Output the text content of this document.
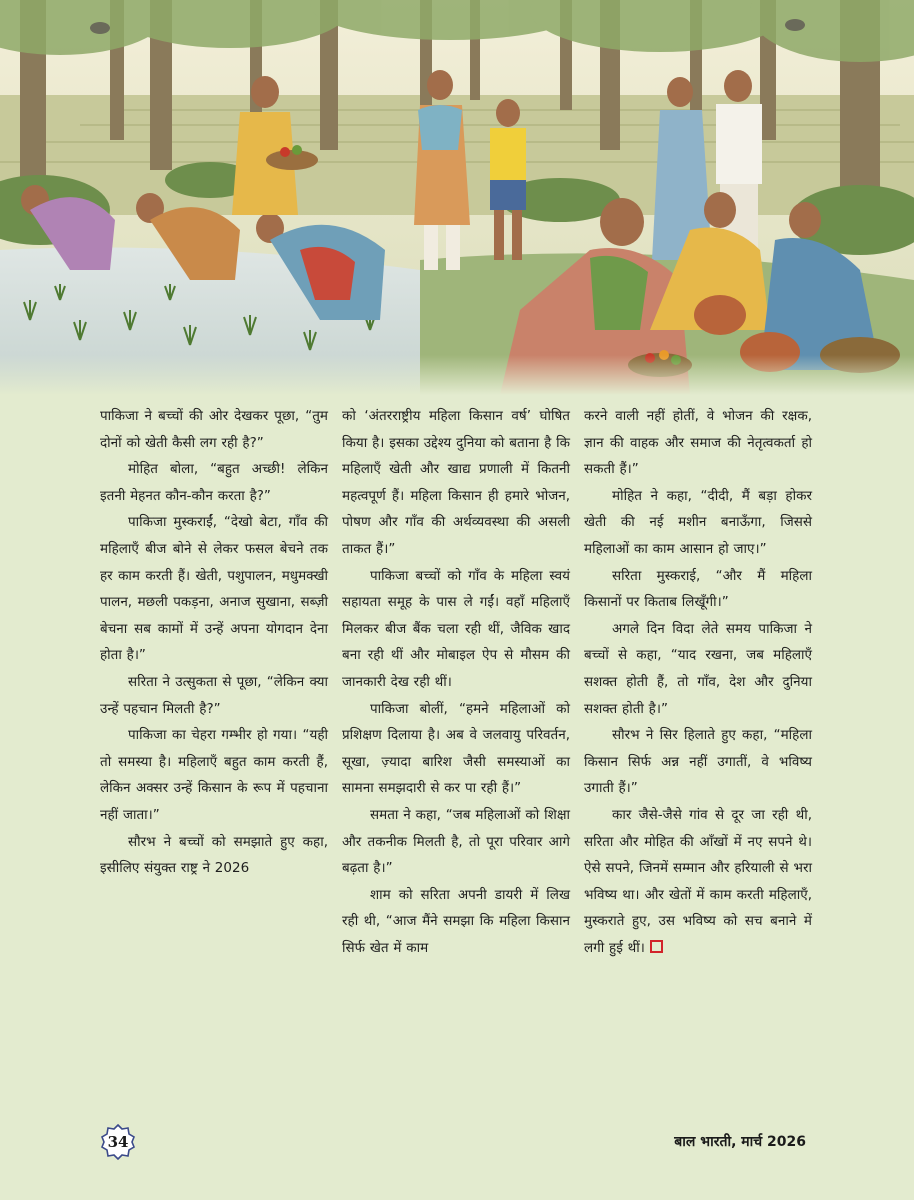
पाकिजा ने बच्चों की ओर देखकर पूछा, “तुम दोनों को खेती कैसी लग रही है?”

मोहित बोला, “बहुत अच्छी! लेकिन इतनी मेहनत कौन-कौन करता है?”

पाकिजा मुस्कराईं, “देखो बेटा, गाँव की महिलाएँ बीज बोने से लेकर फसल बेचने तक हर काम करती हैं। खेती, पशुपालन, मधुमक्खी पालन, मछली पकड़ना, अनाज सुखाना, सब्ज़ी बेचना सब कामों में उन्हें अपना योगदान देना होता है।”

सरिता ने उत्सुकता से पूछा, “लेकिन क्या उन्हें पहचान मिलती है?”

पाकिजा का चेहरा गम्भीर हो गया। “यही तो समस्या है। महिलाएँ बहुत काम करती हैं, लेकिन अक्सर उन्हें किसान के रूप में पहचाना नहीं जाता।”

सौरभ ने बच्चों को समझाते हुए कहा, इसीलिए संयुक्त राष्ट्र ने 2026

को ‘अंतरराष्ट्रीय महिला किसान वर्ष’ घोषित किया है। इसका उद्देश्य दुनिया को बताना है कि महिलाएँ खेती और खाद्य प्रणाली में कितनी महत्वपूर्ण हैं। महिला किसान ही हमारे भोजन, पोषण और गाँव की अर्थव्यवस्था की असली ताकत हैं।”

पाकिजा बच्चों को गाँव के महिला स्वयं सहायता समूह के पास ले गईं। वहाँ महिलाएँ मिलकर बीज बैंक चला रही थीं, जैविक खाद बना रही थीं और मोबाइल ऐप से मौसम की जानकारी देख रही थीं।

पाकिजा बोलीं, “हमने महिलाओं को प्रशिक्षण दिलाया है। अब वे जलवायु परिवर्तन, सूखा, ज़्यादा बारिश जैसी समस्याओं का सामना समझदारी से कर पा रही हैं।”

समता ने कहा, “जब महिलाओं को शिक्षा और तकनीक मिलती है, तो पूरा परिवार आगे बढ़ता है।”

शाम को सरिता अपनी डायरी में लिख रही थी, “आज मैंने समझा कि महिला किसान सिर्फ खेत में काम

करने वाली नहीं होतीं, वे भोजन की रक्षक, ज्ञान की वाहक और समाज की नेतृत्वकर्ता हो सकती हैं।”

मोहित ने कहा, “दीदी, मैं बड़ा होकर खेती की नई मशीन बनाऊँगा, जिससे महिलाओं का काम आसान हो जाए।”

सरिता मुस्कराई, “और मैं महिला किसानों पर किताब लिखूँगी।”

अगले दिन विदा लेते समय पाकिजा ने बच्चों से कहा, “याद रखना, जब महिलाएँ सशक्त होती हैं, तो गाँव, देश और दुनिया सशक्त होती है।”

सौरभ ने सिर हिलाते हुए कहा, “महिला किसान सिर्फ अन्न नहीं उगातीं, वे भविष्य उगाती हैं।”

कार जैसे-जैसे गांव से दूर जा रही थी, सरिता और मोहित की आँखों में नए सपने थे। ऐसे सपने, जिनमें सम्मान और हरियाली से भरा भविष्य था। और खेतों में काम करती महिलाएँ, मुस्कराते हुए, उस भविष्य को सच बनाने में लगी हुई थीं।

34	बाल भारती, मार्च 2026
